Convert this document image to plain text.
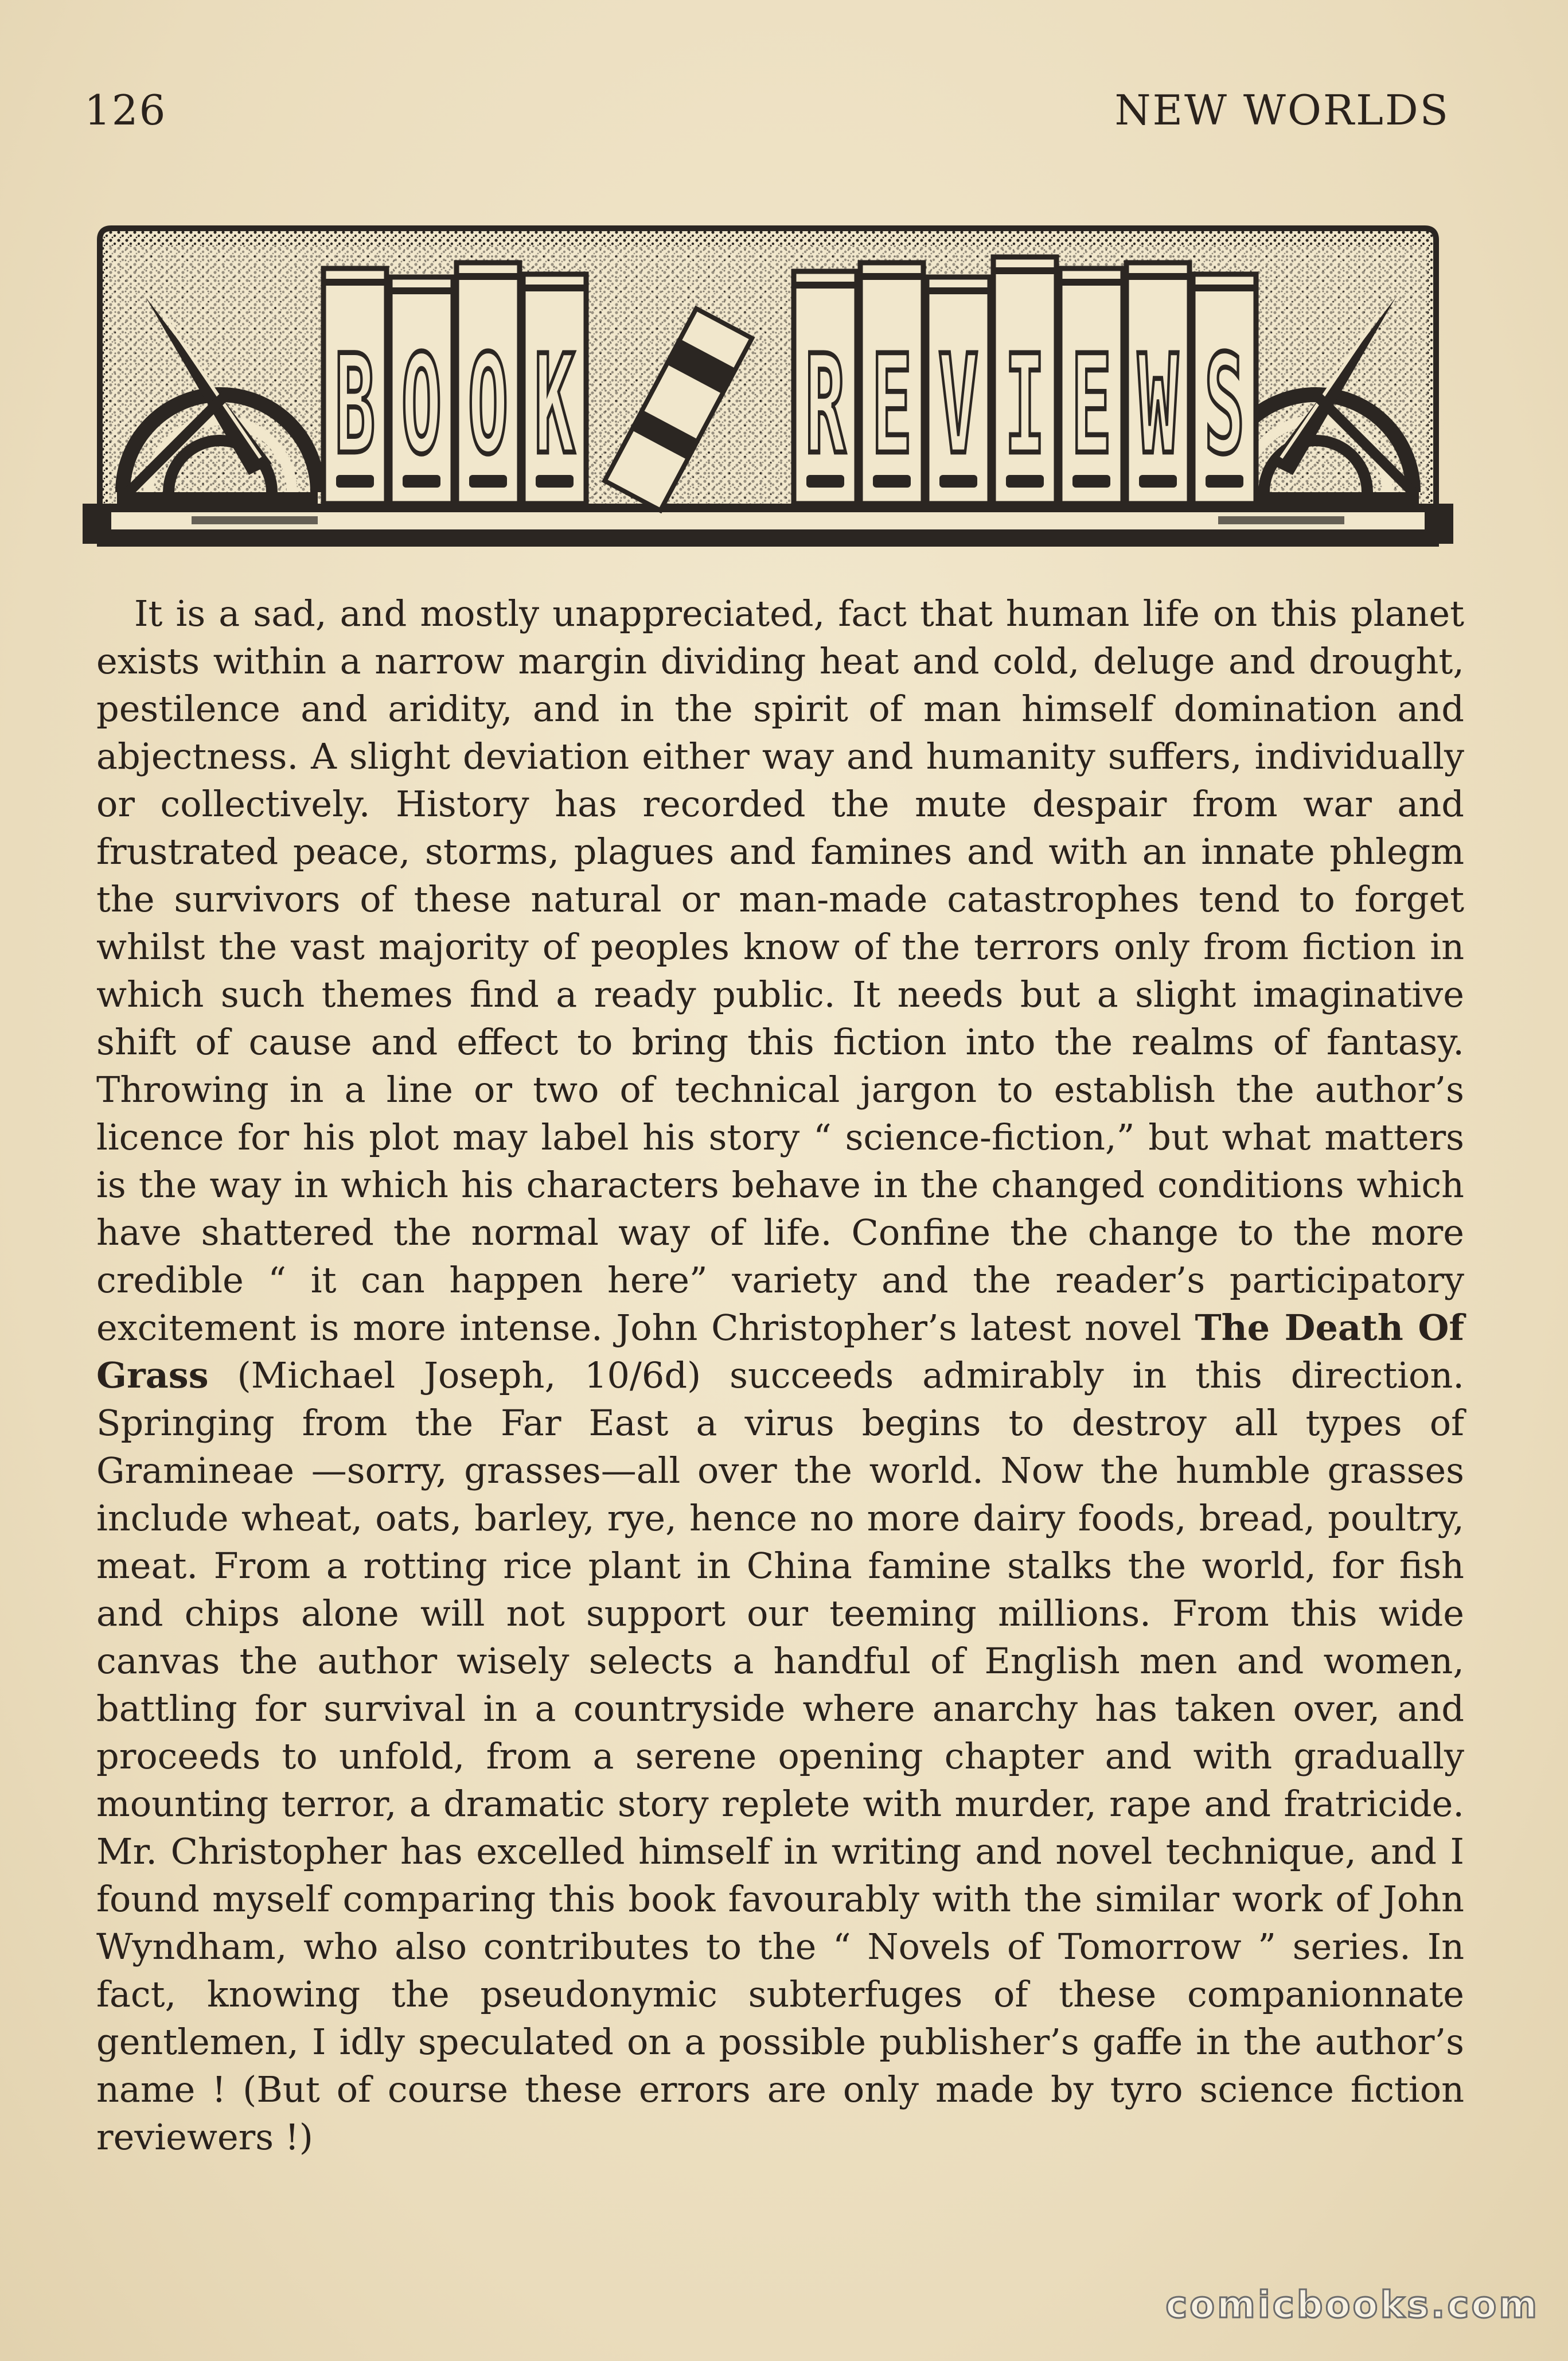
126	NEW WORLDS
B O O K R E V I E W S

It is a sad, and mostly unappreciated, fact that human life on this planet exists within a narrow margin dividing heat and cold, deluge and drought, pestilence and aridity, and in the spirit of man himself domination and abjectness. A slight deviation either way and humanity suffers, individually or collectively. History has recorded the mute despair from war and frustrated peace, storms, plagues and famines and with an innate phlegm the survivors of these natural or man-made catastrophes tend to forget whilst the vast majority of peoples know of the terrors only from fiction in which such themes find a ready public. It needs but a slight imaginative shift of cause and effect to bring this fiction into the realms of fantasy. Throwing in a line or two of technical jargon to establish the author’s licence for his plot may label his story “ science-fiction,” but what matters is the way in which his characters behave in the changed conditions which have shattered the normal way of life. Confine the change to the more credible “ it can happen here” variety and the reader’s participatory excitement is more intense. John Christopher’s latest novel The Death Of Grass (Michael Joseph, 10/6d) succeeds admirably in this direction. Springing from the Far East a virus begins to destroy all types of Gramineae —sorry, grasses—all over the world. Now the humble grasses include wheat, oats, barley, rye, hence no more dairy foods, bread, poultry, meat. From a rotting rice plant in China famine stalks the world, for fish and chips alone will not support our teeming millions. From this wide canvas the author wisely selects a handful of English men and women, battling for survival in a countryside where anarchy has taken over, and proceeds to unfold, from a serene opening chapter and with gradually mounting terror, a dramatic story replete with murder, rape and fratricide. Mr. Christopher has excelled himself in writing and novel technique, and I found myself comparing this book favourably with the similar work of John Wyndham, who also contributes to the “ Novels of Tomorrow ” series. In fact, knowing the pseudonymic subterfuges of these companionnate gentlemen, I idly speculated on a possible publisher’s gaffe in the author’s name ! (But of course these errors are only made by tyro science fiction reviewers !)

comicbooks.com
